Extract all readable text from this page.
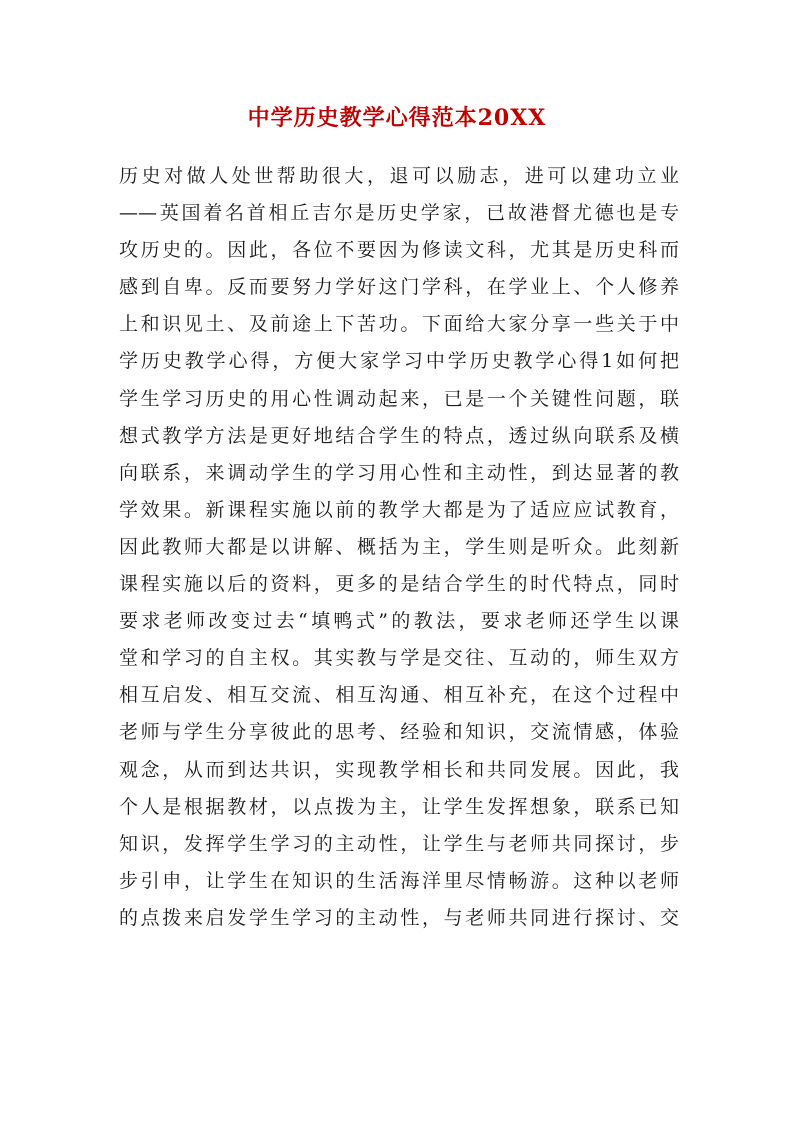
中学历史教学心得范本20XX
历史对做人处世帮助很大，退可以励志，进可以建功立业
——英国着名首相丘吉尔是历史学家，已故港督尤德也是专
攻历史的。因此，各位不要因为修读文科，尤其是历史科而
感到自卑。反而要努力学好这门学科，在学业上、个人修养
上和识见土、及前途上下苦功。下面给大家分享一些关于中
学历史教学心得，方便大家学习中学历史教学心得1如何把
学生学习历史的用心性调动起来，已是一个关键性问题，联
想式教学方法是更好地结合学生的特点，透过纵向联系及横
向联系，来调动学生的学习用心性和主动性，到达显著的教
学效果。新课程实施以前的教学大都是为了适应应试教育，
因此教师大都是以讲解、概括为主，学生则是听众。此刻新
课程实施以后的资料，更多的是结合学生的时代特点，同时
要求老师改变过去“填鸭式”的教法，要求老师还学生以课
堂和学习的自主权。其实教与学是交往、互动的，师生双方
相互启发、相互交流、相互沟通、相互补充，在这个过程中
老师与学生分享彼此的思考、经验和知识，交流情感，体验
观念，从而到达共识，实现教学相长和共同发展。因此，我
个人是根据教材，以点拨为主，让学生发挥想象，联系已知
知识，发挥学生学习的主动性，让学生与老师共同探讨，步
步引申，让学生在知识的生活海洋里尽情畅游。这种以老师
的点拨来启发学生学习的主动性，与老师共同进行探讨、交
